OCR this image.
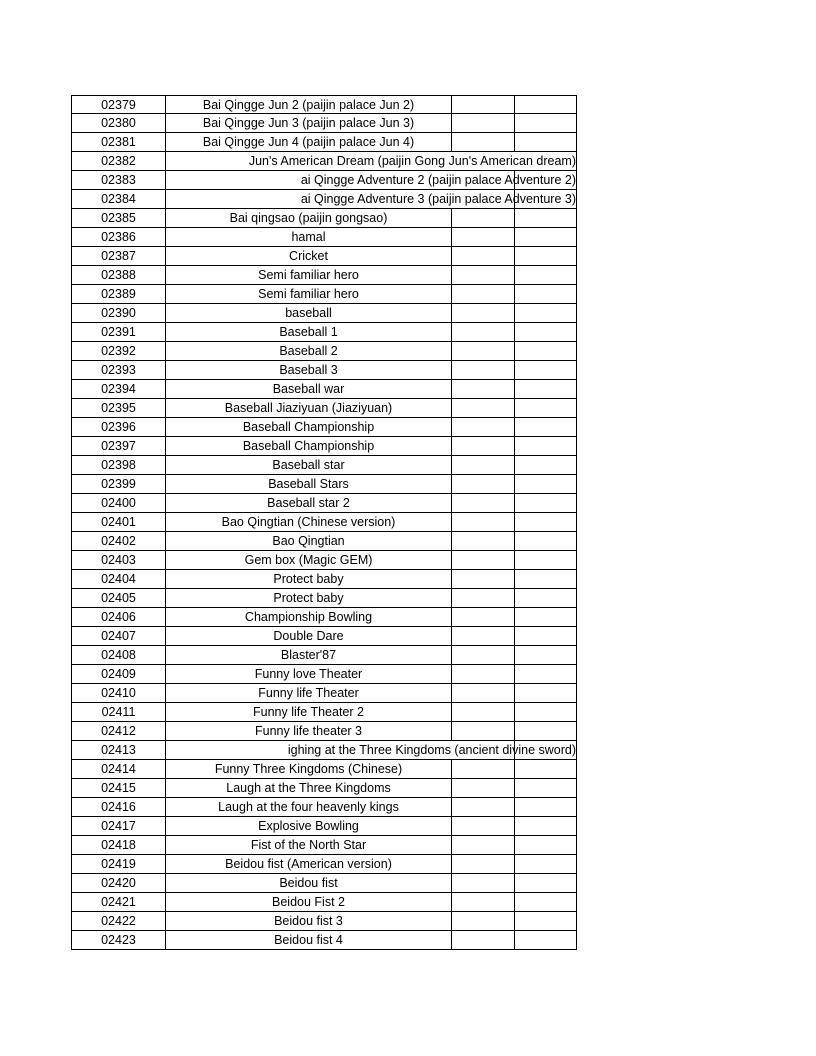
02379	Bai Qingge Jun 2 (paijin palace Jun 2)
02380	Bai Qingge Jun 3 (paijin palace Jun 3)
02381	Bai Qingge Jun 4 (paijin palace Jun 4)
02382	Jun's American Dream (paijin Gong Jun's American dream)
02383	ai Qingge Adventure 2 (paijin palace Adventure 2)
02384	ai Qingge Adventure 3 (paijin palace Adventure 3)
02385	Bai qingsao (paijin gongsao)
02386	hamal
02387	Cricket
02388	Semi familiar hero
02389	Semi familiar hero
02390	baseball
02391	Baseball 1
02392	Baseball 2
02393	Baseball 3
02394	Baseball war
02395	Baseball Jiaziyuan (Jiaziyuan)
02396	Baseball Championship
02397	Baseball Championship
02398	Baseball star
02399	Baseball Stars
02400	Baseball star 2
02401	Bao Qingtian (Chinese version)
02402	Bao Qingtian
02403	Gem box (Magic GEM)
02404	Protect baby
02405	Protect baby
02406	Championship Bowling
02407	Double Dare
02408	Blaster'87
02409	Funny love Theater
02410	Funny life Theater
02411	Funny life Theater 2
02412	Funny life theater 3
02413	ighing at the Three Kingdoms (ancient divine sword)
02414	Funny Three Kingdoms (Chinese)
02415	Laugh at the Three Kingdoms
02416	Laugh at the four heavenly kings
02417	Explosive Bowling
02418	Fist of the North Star
02419	Beidou fist (American version)
02420	Beidou fist
02421	Beidou Fist 2
02422	Beidou fist 3
02423	Beidou fist 4
